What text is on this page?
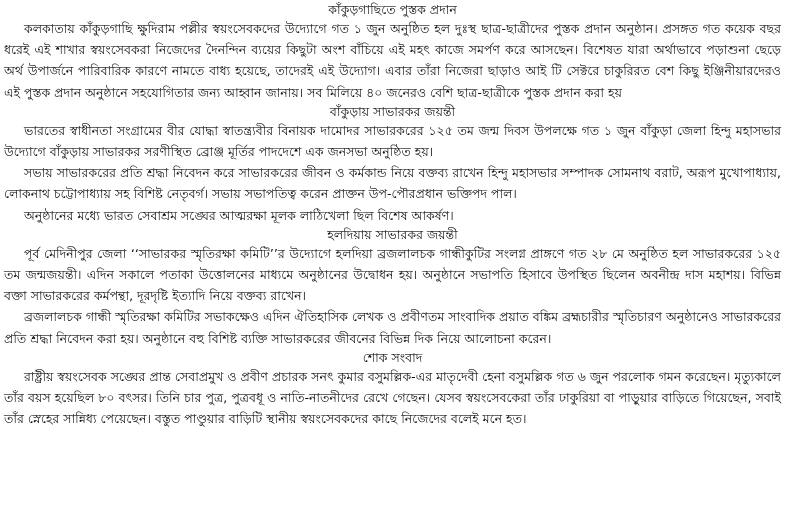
কাঁকুড়গাছিতে পুস্তক প্রদান

কলকাতায় কাঁকুড়গাছি ক্ষুদিরাম পল্লীর স্বয়ংসেবকদের উদ্যোগে গত ১ জুন অনুষ্ঠিত হল দুঃস্থ ছাত্র-ছাত্রীদের পুস্তক প্রদান অনুষ্ঠান। প্রসঙ্গত গত কয়েক বছর ধরেই এই শাখার স্বয়ংসেবকরা নিজেদের দৈনন্দিন ব্যয়ের কিছুটা অংশ বাঁচিয়ে এই মহৎ কাজে সমর্পণ করে আসছেন। বিশেষত যারা অর্থাভাবে পড়াশুনা ছেড়ে অর্থ উপার্জনে পারিবারিক কারণে নামতে বাধ্য হয়েছে, তাদেরই এই উদ্যোগ। এবার তাঁরা নিজেরা ছাড়াও আই টি সেক্টরে চাকুরিরত বেশ কিছু ইঞ্জিনীয়ারদেরও এই পুস্তক প্রদান অনুষ্ঠানে সহযোগিতার জন্য আহ্বান জানায়। সব মিলিয়ে ৪০ জনেরও বেশি ছাত্র-ছাত্রীকে পুস্তক প্রদান করা হয়

বাঁকুড়ায় সাভারকর জয়ন্তী

ভারতের স্বাধীনতা সংগ্রামের বীর যোদ্ধা স্বাতন্ত্র্যবীর বিনায়ক দামোদর সাভারকরের ১২৫ তম জন্ম দিবস উপলক্ষে গত ১ জুন বাঁকুড়া জেলা হিন্দু মহাসভার উদ্যোগে বাঁকুড়ায় সাভারকর সরণীস্থিত ব্রোঞ্জ মূর্তির পাদদেশে এক জনসভা অনুষ্ঠিত হয়।

সভায় সাভারকরের প্রতি শ্রদ্ধা নিবেদন করে সাভারকরের জীবন ও কর্মকান্ড নিয়ে বক্তব্য রাখেন হিন্দু মহাসভার সম্পাদক সোমনাথ বরাট, অরূপ মুখোপাধ্যায়, লোকনাথ চট্টোপাধ্যায় সহ বিশিষ্ট নেতৃবর্গ। সভায় সভাপতিত্ব করেন প্রাক্তন উপ-পৌরপ্রধান ভক্তিপদ পাল।

অনুষ্ঠানের মধ্যে ভারত সেবাশ্রম সঙ্ঘের আত্মরক্ষা মূলক লাঠিখেলা ছিল বিশেষ আকর্ষণ।

হলদিয়ায় সাভারকর জয়ন্তী

পূর্ব মেদিনীপুর জেলা ‘‘সাভারকর স্মৃতিরক্ষা কমিটি’’র উদ্যোগে হলদিয়া ব্রজলালচক গান্ধীকুটির সংলগ্ন প্রাঙ্গণে গত ২৮ মে অনুষ্ঠিত হল সাভারকরের ১২৫ তম জন্মজয়ন্তী। এদিন সকালে পতাকা উত্তোলনের মাধ্যমে অনুষ্ঠানের উদ্বোধন হয়। অনুষ্ঠানে সভাপতি হিসাবে উপস্থিত ছিলেন অবনীন্দ্র দাস মহাশয়। বিভিন্ন বক্তা সাভারকরের কর্মপন্থা, দূরদৃষ্টি ইত্যাদি নিয়ে বক্তব্য রাখেন।

ব্রজলালচক গান্ধী স্মৃতিরক্ষা কমিটির সভাকক্ষেও এদিন ঐতিহাসিক লেখক ও প্রবীণতম সাংবাদিক প্রয়াত বঙ্কিম ব্রহ্মচারীর স্মৃতিচারণ অনুষ্ঠানেও সাভারকরের প্রতি শ্রদ্ধা নিবেদন করা হয়। অনুষ্ঠানে বহু বিশিষ্ট ব্যক্তি সাভারকরের জীবনের বিভিন্ন দিক নিয়ে আলোচনা করেন।

শোক সংবাদ

রাষ্ট্রীয় স্বয়ংসেবক সঙ্ঘের প্রান্ত সেবাপ্রমুখ ও প্রবীণ প্রচারক সনৎ কুমার বসুমল্লিক-এর মাতৃদেবী হেনা বসুমল্লিক গত ৬ জুন পরলোক গমন করেছেন। মৃত্যুকালে তাঁর বয়স হয়েছিল ৮০ বৎসর। তিনি চার পুত্র, পুত্রবধূ ও নাতি-নাতনীদের রেখে গেছেন। যেসব স্বয়ংসেবকেরা তাঁর ঢাকুরিয়া বা পাড়ুয়ার বাড়িতে গিয়েছেন, সবাই তাঁর স্নেহের সান্নিধ্য পেয়েছেন। বস্তুত পাণ্ডুয়ার বাড়িটি স্থানীয় স্বয়ংসেবকদের কাছে নিজেদের বলেই মনে হত।
